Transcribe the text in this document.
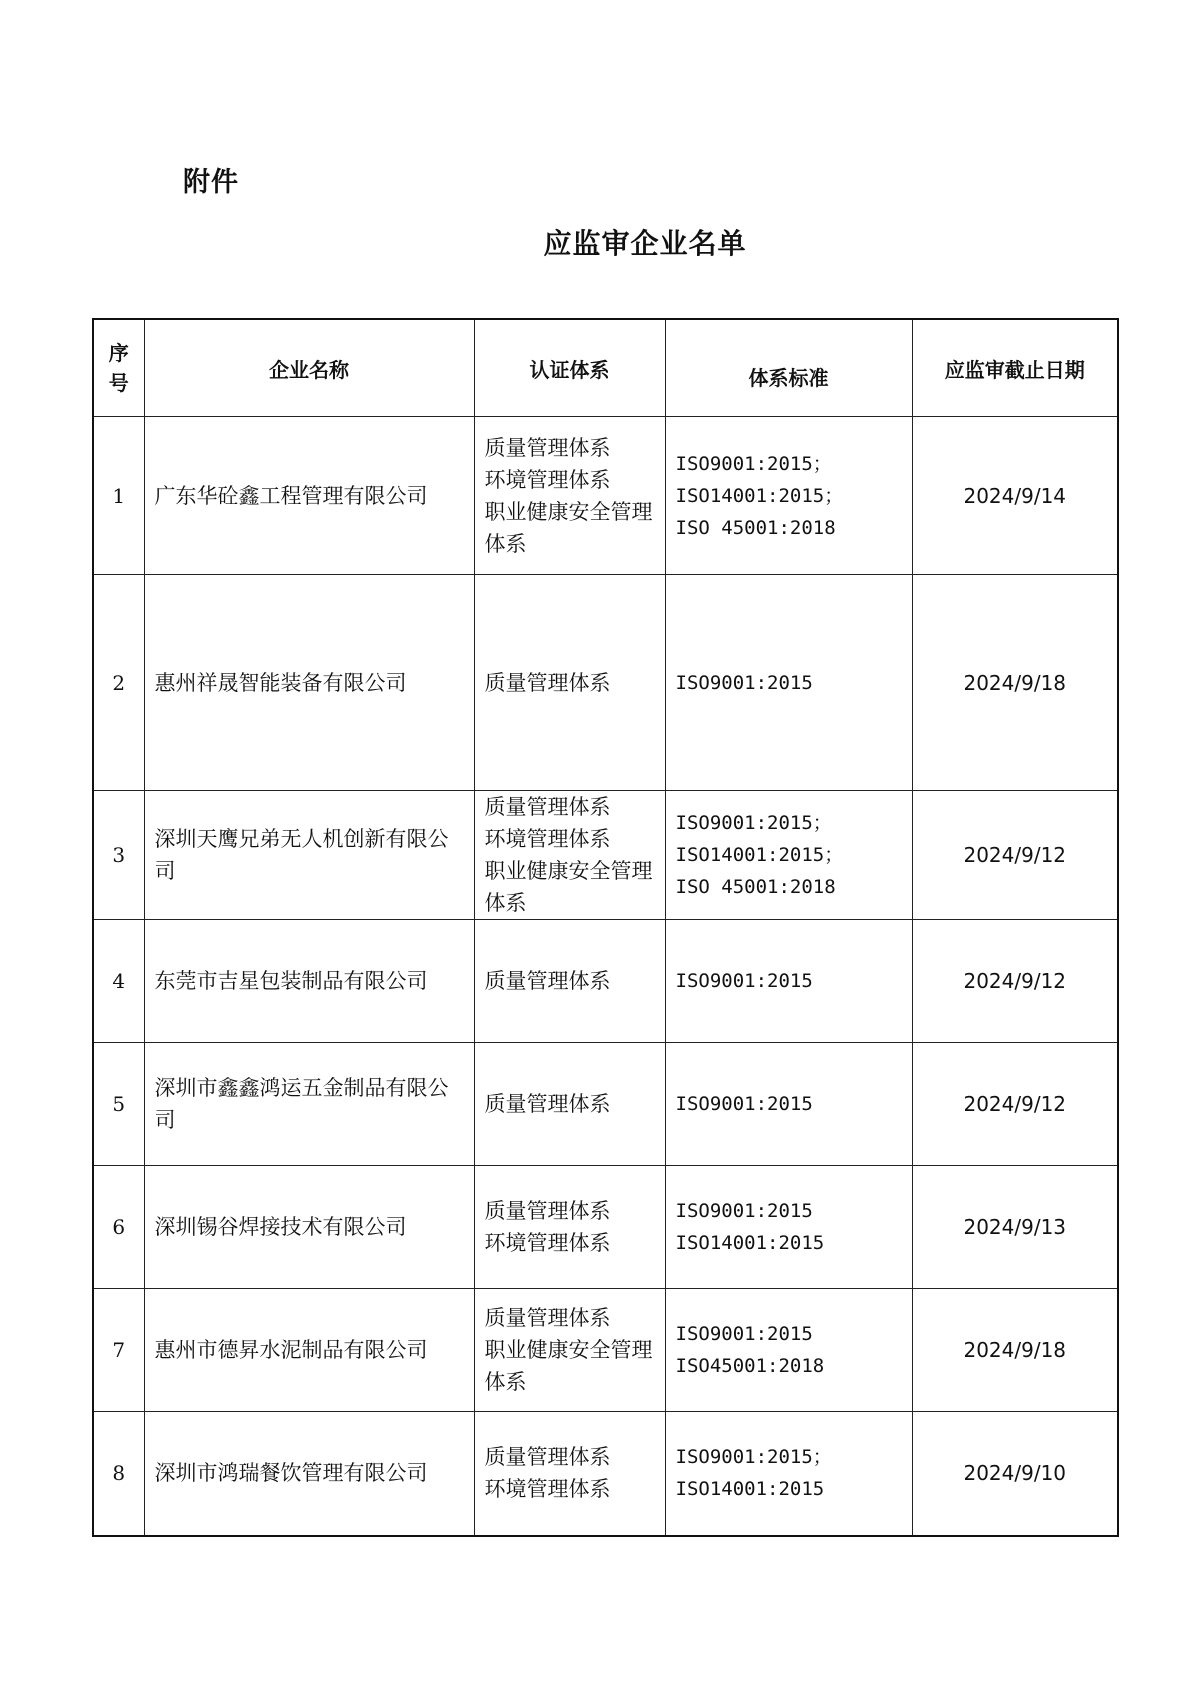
附件
应监审企业名单
序
号	企业名称	认证体系	体系标准	应监审截止日期
1	广东华砼鑫工程管理有限公司	质量管理体系
环境管理体系
职业健康安全管理体系	ISO9001:2015；
ISO14001:2015；
ISO 45001:2018	2024/9/14
2	惠州祥晟智能装备有限公司	质量管理体系	ISO9001:2015	2024/9/18
3	深圳天鹰兄弟无人机创新有限公司	质量管理体系
环境管理体系
职业健康安全管理体系	ISO9001:2015；
ISO14001:2015；
ISO 45001:2018	2024/9/12
4	东莞市吉星包装制品有限公司	质量管理体系	ISO9001:2015	2024/9/12
5	深圳市鑫鑫鸿运五金制品有限公司	质量管理体系	ISO9001:2015	2024/9/12
6	深圳锡谷焊接技术有限公司	质量管理体系
环境管理体系	ISO9001:2015
ISO14001:2015	2024/9/13
7	惠州市德昇水泥制品有限公司	质量管理体系
职业健康安全管理体系	ISO9001:2015
ISO45001:2018	2024/9/18
8	深圳市鸿瑞餐饮管理有限公司	质量管理体系
环境管理体系	ISO9001:2015；
ISO14001:2015	2024/9/10
